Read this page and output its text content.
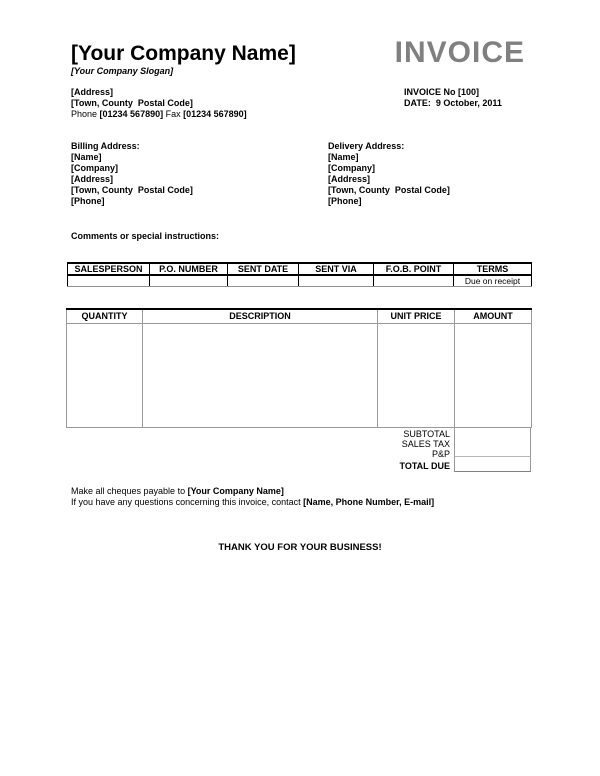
[Your Company Name]	INVOICE
[Your Company Slogan]
[Address]
[Town, County  Postal Code]
Phone [01234 567890] Fax [01234 567890]
INVOICE No [100]
DATE:  9 October, 2011
Billing Address:
[Name]
[Company]
[Address]
[Town, County  Postal Code]
[Phone]
Delivery Address:
[Name]
[Company]
[Address]
[Town, County  Postal Code]
[Phone]
Comments or special instructions:
SALESPERSON	P.O. NUMBER	SENT DATE	SENT VIA	F.O.B. POINT	TERMS
					Due on receipt
QUANTITY	DESCRIPTION	UNIT PRICE	AMOUNT

SUBTOTAL
SALES TAX
P&P
TOTAL DUE
Make all cheques payable to [Your Company Name]
If you have any questions concerning this invoice, contact [Name, Phone Number, E-mail]
THANK YOU FOR YOUR BUSINESS!
